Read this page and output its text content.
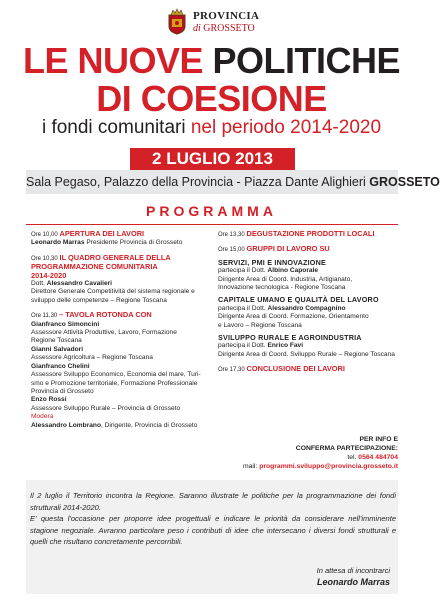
PROVINCIA
di GROSSETO
LE NUOVE POLITICHE
DI COESIONE
i fondi comunitari nel periodo 2014-2020
2 LUGLIO 2013
Sala Pegaso, Palazzo della Provincia - Piazza Dante Alighieri GROSSETO
PROGRAMMA
Ore 10,00 APERTURA DEI LAVORI
Leonardo Marras Presidente Provincia di Grosseto
Ore 10,30 IL QUADRO GENERALE DELLA
PROGRAMMAZIONE COMUNITARIA
2014-2020
Dott. Alessandro Cavalieri
Direttore Generale Competitività del sistema regionale e
sviluppo delle competenze – Regione Toscana
Ore 11,30 – TAVOLA ROTONDA CON
Gianfranco Simoncini
Assessore Attività Produttive, Lavoro, Formazione
Regione Toscana
Gianni Salvadori
Assessore Agricoltura – Regione Toscana
Gianfranco Chelini
Assessore Sviluppo Economico, Economia del mare, Turi-
smo e Promozione territoriale, Formazione Professionale
Provincia di Grosseto
Enzo Rossi
Assessore Sviluppo Rurale – Provincia di Grosseto
Modera
Alessandro Lombrano, Dirigente, Provincia di Grosseto
Ore 13,30 DEGUSTAZIONE PRODOTTI LOCALI
Ore 15,00 GRUPPI DI LAVORO SU
SERVIZI, PMI E INNOVAZIONE
partecipa il Dott. Albino Caporale
Dirigente Area di Coord. Industria, Artigianato,
Innovazione tecnologica - Regione Toscana
CAPITALE UMANO E QUALITÀ DEL LAVORO
partecipa il Dott. Alessandro Compagnino
Dirigente Area di Coord. Formazione, Orientamento
e Lavoro – Regione Toscana
SVILUPPO RURALE E AGROINDUSTRIA
partecipa il Dott. Enrico Favi
Dirigente Area di Coord. Sviluppo Rurale – Regione Toscana
Ore 17,30 CONCLUSIONE DEI LAVORI
PER INFO E
CONFERMA PARTECIPAZIONE:
tel. 0564 484704
mail: programmi.sviluppo@provincia.grosseto.it
Il 2 luglio il Territorio incontra la Regione. Saranno illustrate le politiche per la programmazione dei fondi strutturali 2014-2020.
E' questa l'occasione per proporre idee progettuali e indicare le priorità da considerare nell'imminente stagione negoziale. Avranno particolare peso i contributi di idee che intersecano i diversi fondi strutturali e quelli che risultano concretamente percorribili.
In attesa di incontrarci
Leonardo Marras
